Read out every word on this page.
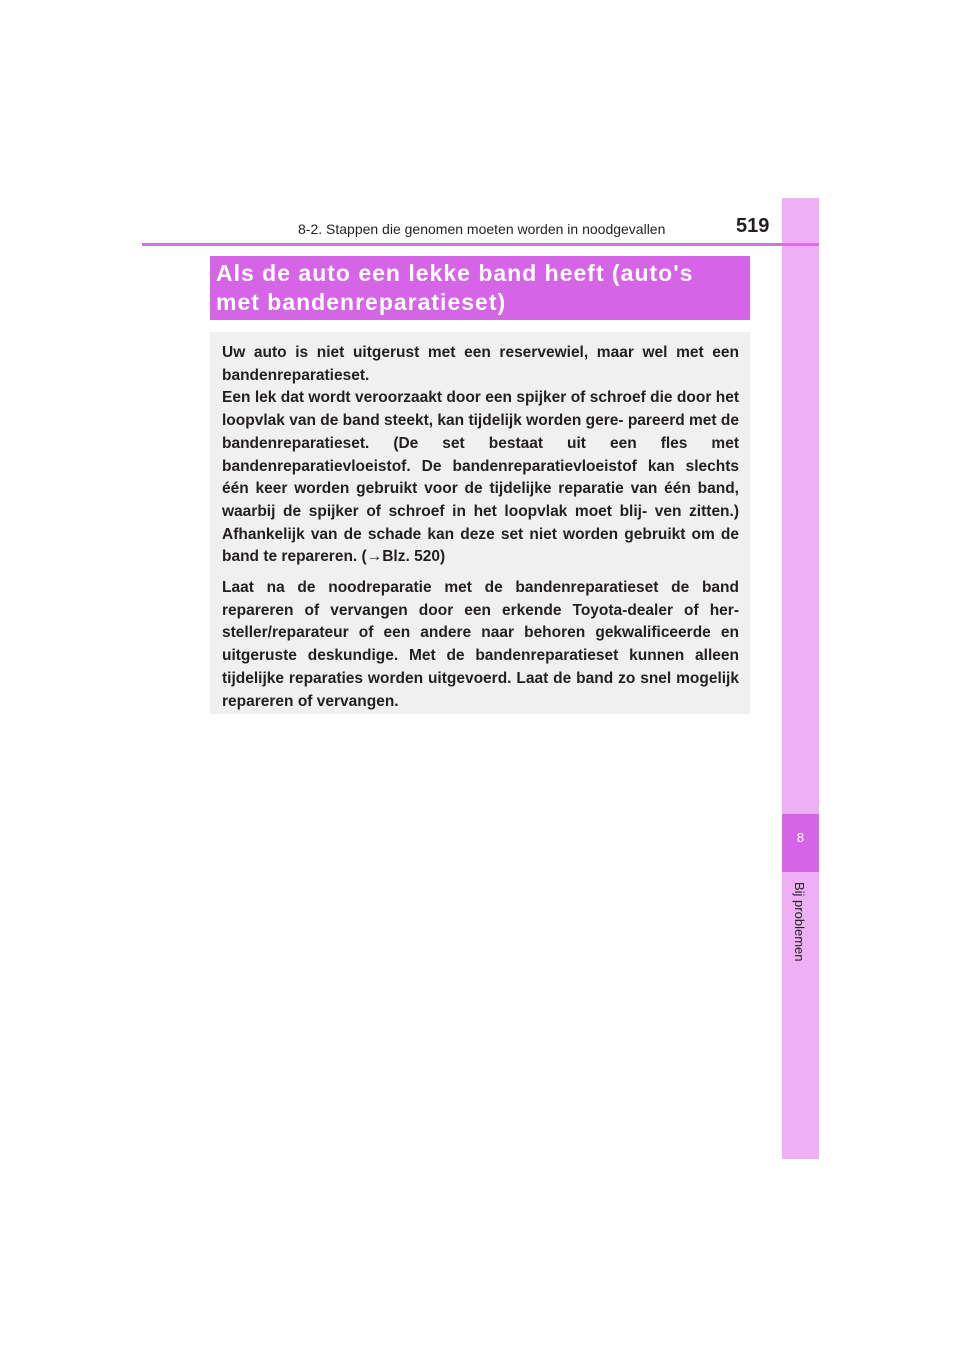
8
Bij problemen
8-2. Stappen die genomen moeten worden in noodgevallen	519
Als de auto een lekke band heeft (auto's met bandenreparatieset)

Uw auto is niet uitgerust met een reservewiel, maar wel met een bandenreparatieset.
Een lek dat wordt veroorzaakt door een spijker of schroef die door het loopvlak van de band steekt, kan tijdelijk worden gere- pareerd met de bandenreparatieset. (De set bestaat uit een fles met bandenreparatievloeistof. De bandenreparatievloeistof kan slechts één keer worden gebruikt voor de tijdelijke reparatie van één band, waarbij de spijker of schroef in het loopvlak moet blij- ven zitten.) Afhankelijk van de schade kan deze set niet worden gebruikt om de band te repareren. (→Blz. 520)

Laat na de noodreparatie met de bandenreparatieset de band repareren of vervangen door een erkende Toyota-dealer of her- steller/reparateur of een andere naar behoren gekwalificeerde en uitgeruste deskundige. Met de bandenreparatieset kunnen alleen tijdelijke reparaties worden uitgevoerd. Laat de band zo snel mogelijk repareren of vervangen.
